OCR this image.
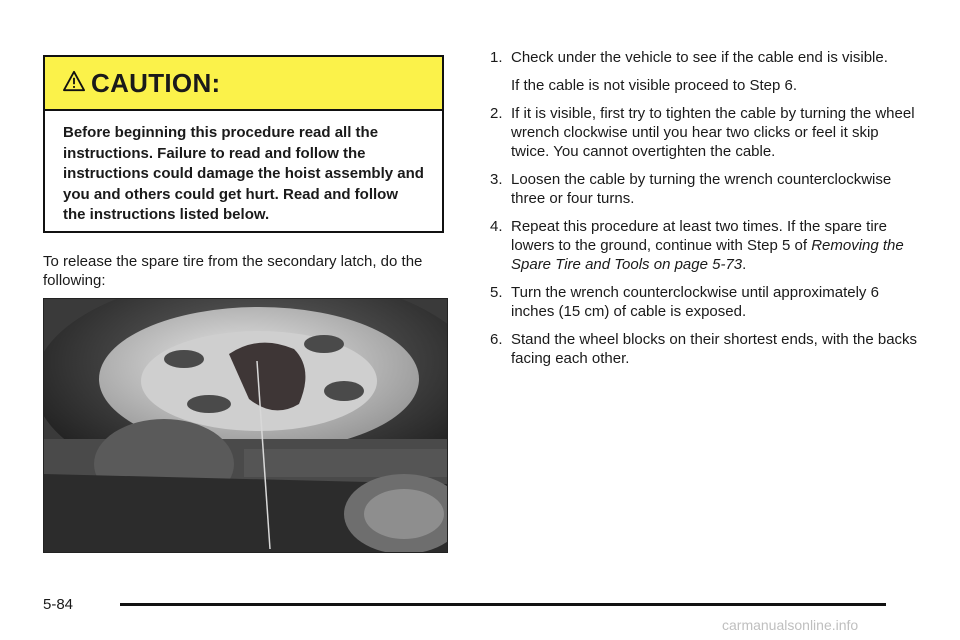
CAUTION:
Before beginning this procedure read all the instructions. Failure to read and follow the instructions could damage the hoist assembly and you and others could get hurt. Read and follow the instructions listed below.
To release the spare tire from the secondary latch, do the following:
1. Check under the vehicle to see if the cable end is visible.
If the cable is not visible proceed to Step 6.
2. If it is visible, first try to tighten the cable by turning the wheel wrench clockwise until you hear two clicks or feel it skip twice. You cannot overtighten the cable.
3. Loosen the cable by turning the wrench counterclockwise three or four turns.
4. Repeat this procedure at least two times. If the spare tire lowers to the ground, continue with Step 5 of Removing the Spare Tire and Tools on page 5-73.
5. Turn the wrench counterclockwise until approximately 6 inches (15 cm) of cable is exposed.
6. Stand the wheel blocks on their shortest ends, with the backs facing each other.
5-84
carmanualsonline.info
